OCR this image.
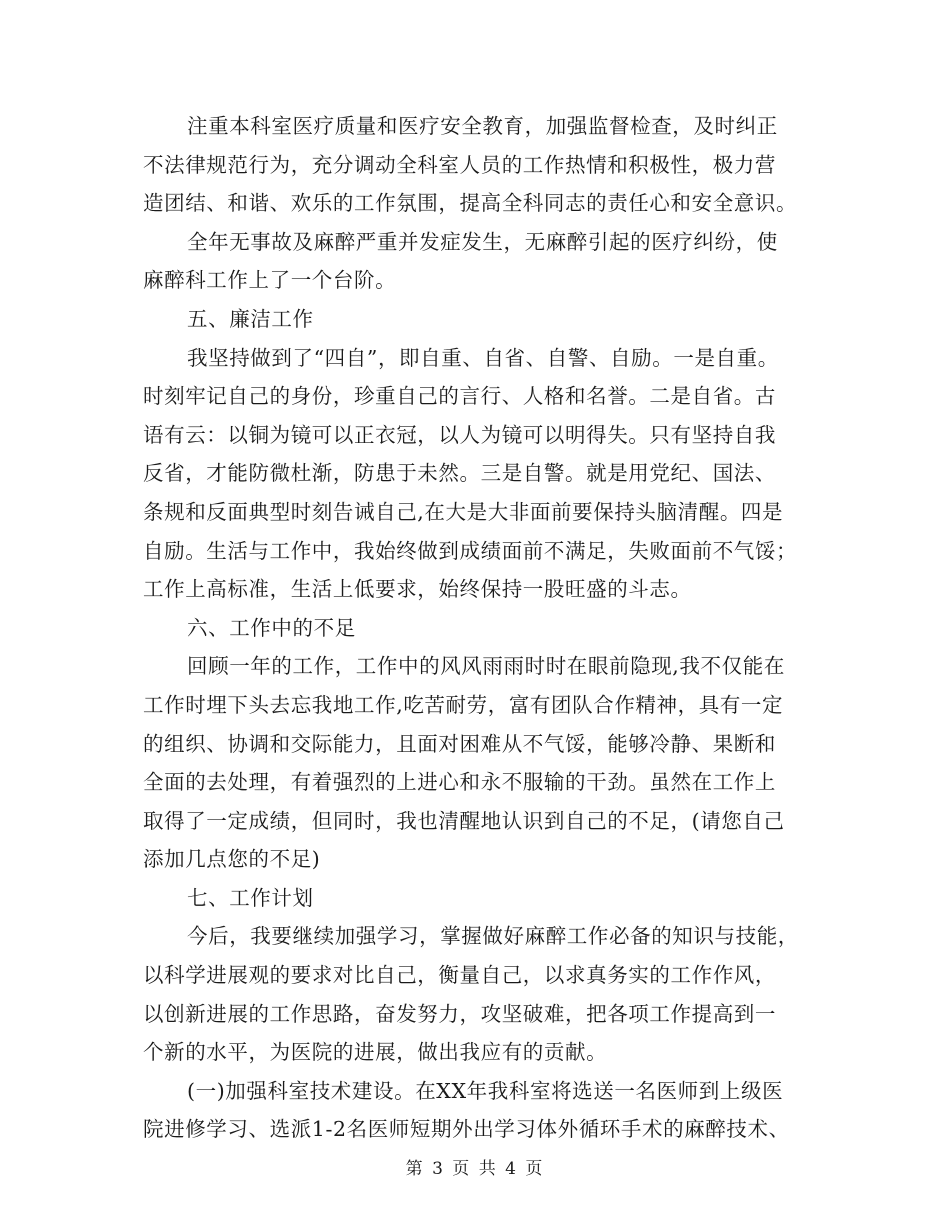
注重本科室医疗质量和医疗安全教育，加强监督检查，及时纠正
不法律规范行为，充分调动全科室人员的工作热情和积极性，极力营
造团结、和谐、欢乐的工作氛围，提高全科同志的责任心和安全意识。
全年无事故及麻醉严重并发症发生，无麻醉引起的医疗纠纷，使
麻醉科工作上了一个台阶。
五、廉洁工作
我坚持做到了“四自”，即自重、自省、自警、自励。一是自重。
时刻牢记自己的身份，珍重自己的言行、人格和名誉。二是自省。古
语有云：以铜为镜可以正衣冠，以人为镜可以明得失。只有坚持自我
反省，才能防微杜渐，防患于未然。三是自警。就是用党纪、国法、
条规和反面典型时刻告诫自己,在大是大非面前要保持头脑清醒。四是
自励。生活与工作中，我始终做到成绩面前不满足，失败面前不气馁；
工作上高标准，生活上低要求，始终保持一股旺盛的斗志。
六、工作中的不足
回顾一年的工作，工作中的风风雨雨时时在眼前隐现,我不仅能在
工作时埋下头去忘我地工作,吃苦耐劳，富有团队合作精神，具有一定
的组织、协调和交际能力，且面对困难从不气馁，能够冷静、果断和
全面的去处理，有着强烈的上进心和永不服输的干劲。虽然在工作上
取得了一定成绩，但同时，我也清醒地认识到自己的不足，(请您自己
添加几点您的不足)
七、工作计划
今后，我要继续加强学习，掌握做好麻醉工作必备的知识与技能，
以科学进展观的要求对比自己，衡量自己，以求真务实的工作作风，
以创新进展的工作思路，奋发努力，攻坚破难，把各项工作提高到一
个新的水平，为医院的进展，做出我应有的贡献。
(一)加强科室技术建设。在XX年我科室将选送一名医师到上级医
院进修学习、选派1-2名医师短期外出学习体外循环手术的麻醉技术、
第 3 页 共 4 页
